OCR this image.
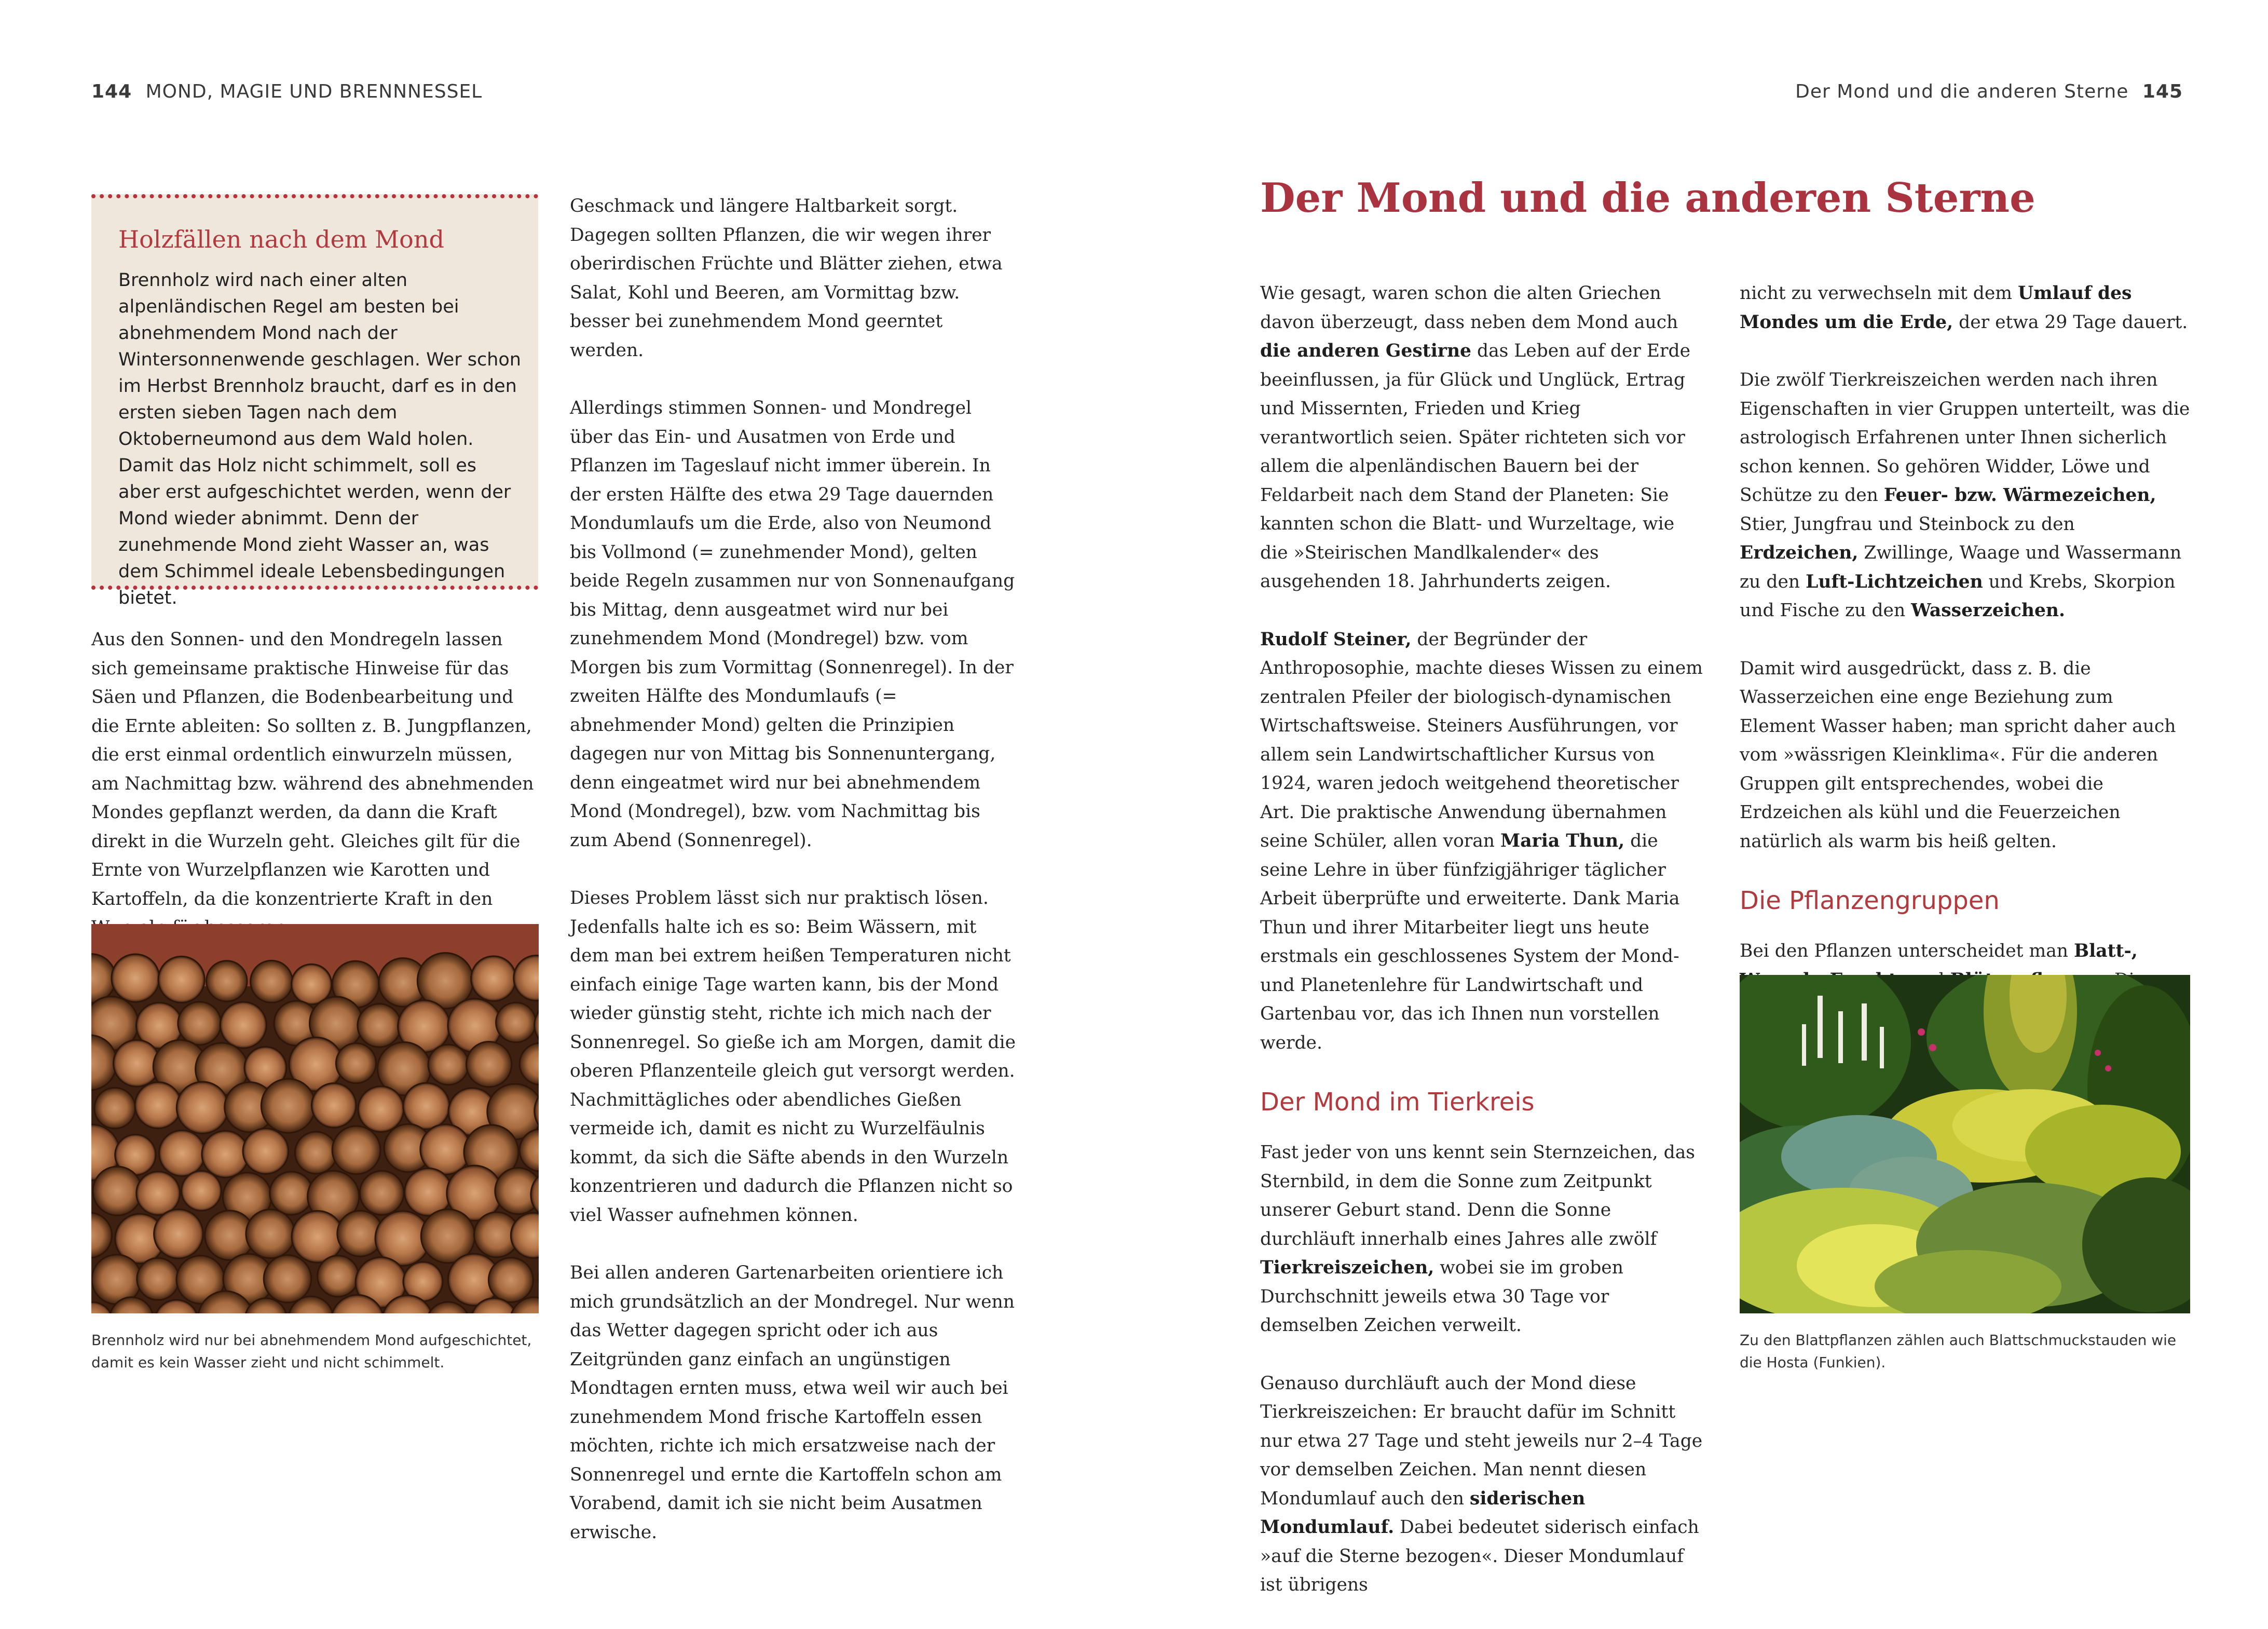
144 MOND, MAGIE UND BRENNNESSEL	Der Mond und die anderen Sterne 145
Holzfällen nach dem Mond
Brennholz wird nach einer alten alpenländischen Regel am besten bei abnehmendem Mond nach der Wintersonnenwende geschlagen. Wer schon im Herbst Brennholz braucht, darf es in den ersten sieben Tagen nach dem Oktoberneumond aus dem Wald holen. Damit das Holz nicht schimmelt, soll es aber erst aufgeschichtet werden, wenn der Mond wieder abnimmt. Denn der zunehmende Mond zieht Wasser an, was dem Schimmel ideale Lebensbedingungen bietet.

Aus den Sonnen- und den Mondregeln lassen sich gemeinsame praktische Hinweise für das Säen und Pflanzen, die Bodenbearbeitung und die Ernte ableiten: So sollten z. B. Jungpflanzen, die erst einmal ordentlich einwurzeln müssen, am Nachmittag bzw. während des abnehmenden Mondes gepflanzt werden, da dann die Kraft direkt in die Wurzeln geht. Gleiches gilt für die Ernte von Wurzelpflanzen wie Karotten und Kartoffeln, da die konzentrierte Kraft in den

Brennholz wird nur bei abnehmendem Mond aufgeschichtet, damit es kein Wasser zieht und nicht schimmelt.

Geschmack und längere Haltbarkeit sorgt. Dagegen sollten Pflanzen, die wir wegen ihrer oberirdischen Früchte und Blätter ziehen, etwa Salat, Kohl und Beeren, am Vormittag bzw. besser bei zunehmendem Mond geerntet werden.

Allerdings stimmen Sonnen- und Mondregel über das Ein- und Ausatmen von Erde und Pflanzen im Tageslauf nicht immer überein. In der ersten Hälfte des etwa 29 Tage dauernden Mondumlaufs um die Erde, also von Neumond bis Vollmond (= zunehmender Mond), gelten beide Regeln zusammen nur von Sonnenaufgang bis Mittag, denn ausgeatmet wird nur bei zunehmendem Mond (Mondregel) bzw. vom Morgen bis zum Vormittag (Sonnenregel). In der zweiten Hälfte des Mondumlaufs (= abnehmender Mond) gelten die Prinzipien dagegen nur von Mittag bis Sonnenuntergang, denn eingeatmet wird nur bei abnehmendem Mond (Mondregel), bzw. vom Nachmittag bis zum Abend (Sonnenregel).

Dieses Problem lässt sich nur praktisch lösen. Jedenfalls halte ich es so: Beim Wässern, mit dem man bei extrem heißen Temperaturen nicht einfach einige Tage warten kann, bis der Mond wieder günstig steht, richte ich mich nach der Sonnenregel. So gieße ich am Morgen, damit die oberen Pflanzenteile gleich gut versorgt werden. Nachmittägliches oder abendliches Gießen vermeide ich, damit es nicht zu Wurzelfäulnis kommt, da sich die Säfte abends in den Wurzeln konzentrieren und dadurch die Pflanzen nicht so viel Wasser aufnehmen können.

Bei allen anderen Gartenarbeiten orientiere ich mich grundsätzlich an der Mondregel. Nur wenn das Wetter dagegen spricht oder ich aus Zeitgründen ganz einfach an ungünstigen Mondtagen ernten muss, etwa weil wir auch bei zunehmendem Mond frische Kartoffeln essen möchten, richte ich mich ersatzweise nach der Sonnenregel und ernte die Kartoffeln schon am Vorabend, damit ich sie nicht beim Ausatmen erwische.

Der Mond und die anderen Sterne

Wie gesagt, waren schon die alten Griechen davon überzeugt, dass neben dem Mond auch die anderen Gestirne das Leben auf der Erde beeinflussen, ja für Glück und Unglück, Ertrag und Missernten, Frieden und Krieg verantwortlich seien. Später richteten sich vor allem die alpenländischen Bauern bei der Feldarbeit nach dem Stand der Planeten: Sie kannten schon die Blatt- und Wurzeltage, wie die »Steirischen Mandlkalender« des ausgehenden 18. Jahrhunderts zeigen.

Rudolf Steiner, der Begründer der Anthroposophie, machte dieses Wissen zu einem zentralen Pfeiler der biologisch-dynamischen Wirtschaftsweise. Steiners Ausführungen, vor allem sein Landwirtschaftlicher Kursus von 1924, waren jedoch weitgehend theoretischer Art. Die praktische Anwendung übernahmen seine Schüler, allen voran Maria Thun, die seine Lehre in über fünfzigjähriger täglicher Arbeit überprüfte und erweiterte. Dank Maria Thun und ihrer Mitarbeiter liegt uns heute erstmals ein geschlossenes System der Mond- und Planetenlehre für Landwirtschaft und Gartenbau vor, das ich Ihnen nun vorstellen werde.

Der Mond im Tierkreis

Fast jeder von uns kennt sein Sternzeichen, das Sternbild, in dem die Sonne zum Zeitpunkt unserer Geburt stand. Denn die Sonne durchläuft innerhalb eines Jahres alle zwölf Tierkreiszeichen, wobei sie im groben Durchschnitt jeweils etwa 30 Tage vor demselben Zeichen verweilt.

Genauso durchläuft auch der Mond diese Tierkreiszeichen: Er braucht dafür im Schnitt nur etwa 27 Tage und steht jeweils nur 2–4 Tage vor demselben Zeichen. Man nennt diesen Mondumlauf auch den siderischen Mondumlauf. Dabei bedeutet siderisch einfach »auf die Sterne bezogen«. Dieser Mondumlauf ist übrigens

nicht zu verwechseln mit dem Umlauf des Mondes um die Erde, der etwa 29 Tage dauert.

Die zwölf Tierkreiszeichen werden nach ihren Eigenschaften in vier Gruppen unterteilt, was die astrologisch Erfahrenen unter Ihnen sicherlich schon kennen. So gehören Widder, Löwe und Schütze zu den Feuer- bzw. Wärmezeichen, Stier, Jungfrau und Steinbock zu den Erdzeichen, Zwillinge, Waage und Wassermann zu den Luft-Lichtzeichen und Krebs, Skorpion und Fische zu den Wasserzeichen.

Damit wird ausgedrückt, dass z. B. die Wasserzeichen eine enge Beziehung zum Element Wasser haben; man spricht daher auch vom »wässrigen Kleinklima«. Für die anderen Gruppen gilt entsprechendes, wobei die Erdzeichen als kühl und die Feuerzeichen natürlich als warm bis heiß gelten.

Die Pflanzengruppen

Bei den Pflanzen unterscheidet man Blatt-,

Zu den Blattpflanzen zählen auch Blattschmuckstauden wie die Hosta (Funkien).
